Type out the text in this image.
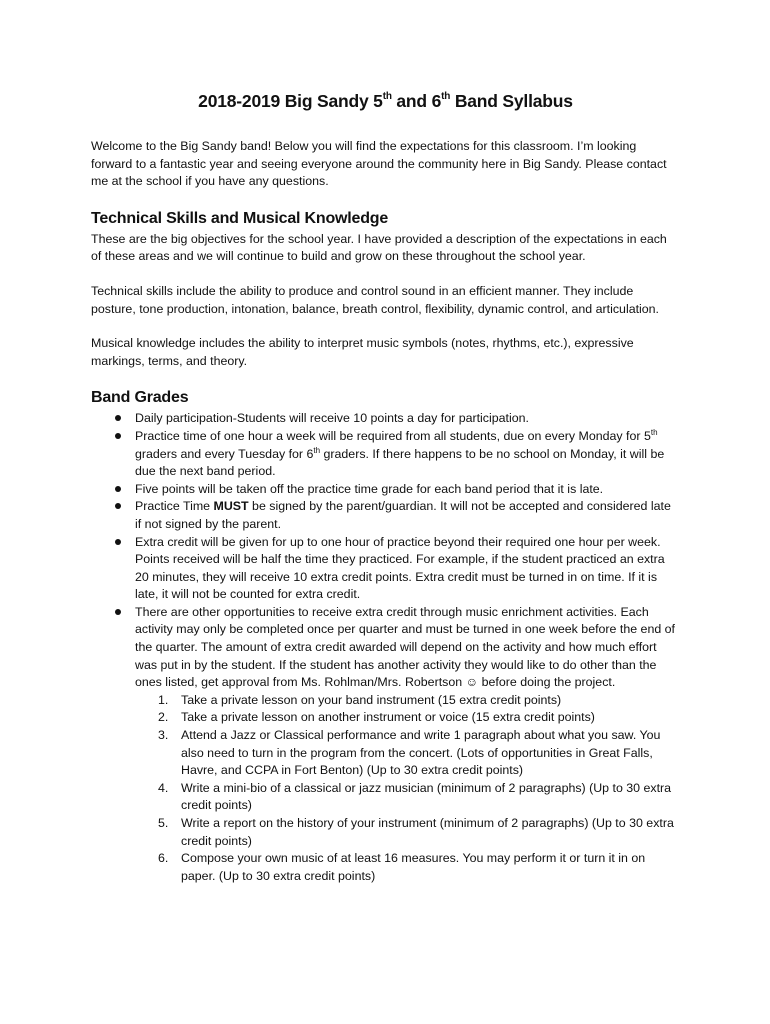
2018-2019 Big Sandy 5th and 6th Band Syllabus

Welcome to the Big Sandy band! Below you will find the expectations for this classroom. I’m looking forward to a fantastic year and seeing everyone around the community here in Big Sandy. Please contact me at the school if you have any questions.

Technical Skills and Musical Knowledge

These are the big objectives for the school year. I have provided a description of the expectations in each of these areas and we will continue to build and grow on these throughout the school year.

Technical skills include the ability to produce and control sound in an efficient manner. They include posture, tone production, intonation, balance, breath control, flexibility, dynamic control, and articulation.

Musical knowledge includes the ability to interpret music symbols (notes, rhythms, etc.), expressive markings, terms, and theory.

Band Grades
Daily participation-Students will receive 10 points a day for participation.
Practice time of one hour a week will be required from all students, due on every Monday for 5th graders and every Tuesday for 6th graders. If there happens to be no school on Monday, it will be due the next band period.
Five points will be taken off the practice time grade for each band period that it is late.
Practice Time MUST be signed by the parent/guardian. It will not be accepted and considered late if not signed by the parent.
Extra credit will be given for up to one hour of practice beyond their required one hour per week. Points received will be half the time they practiced. For example, if the student practiced an extra 20 minutes, they will receive 10 extra credit points. Extra credit must be turned in on time. If it is late, it will not be counted for extra credit.
There are other opportunities to receive extra credit through music enrichment activities. Each activity may only be completed once per quarter and must be turned in one week before the end of the quarter. The amount of extra credit awarded will depend on the activity and how much effort was put in by the student. If the student has another activity they would like to do other than the ones listed, get approval from Ms. Rohlman/Mrs. Robertson ☺ before doing the project.
1. Take a private lesson on your band instrument (15 extra credit points)
2. Take a private lesson on another instrument or voice (15 extra credit points)
3. Attend a Jazz or Classical performance and write 1 paragraph about what you saw. You also need to turn in the program from the concert. (Lots of opportunities in Great Falls, Havre, and CCPA in Fort Benton) (Up to 30 extra credit points)
4. Write a mini-bio of a classical or jazz musician (minimum of 2 paragraphs) (Up to 30 extra credit points)
5. Write a report on the history of your instrument (minimum of 2 paragraphs) (Up to 30 extra credit points)
6. Compose your own music of at least 16 measures. You may perform it or turn it in on paper. (Up to 30 extra credit points)
